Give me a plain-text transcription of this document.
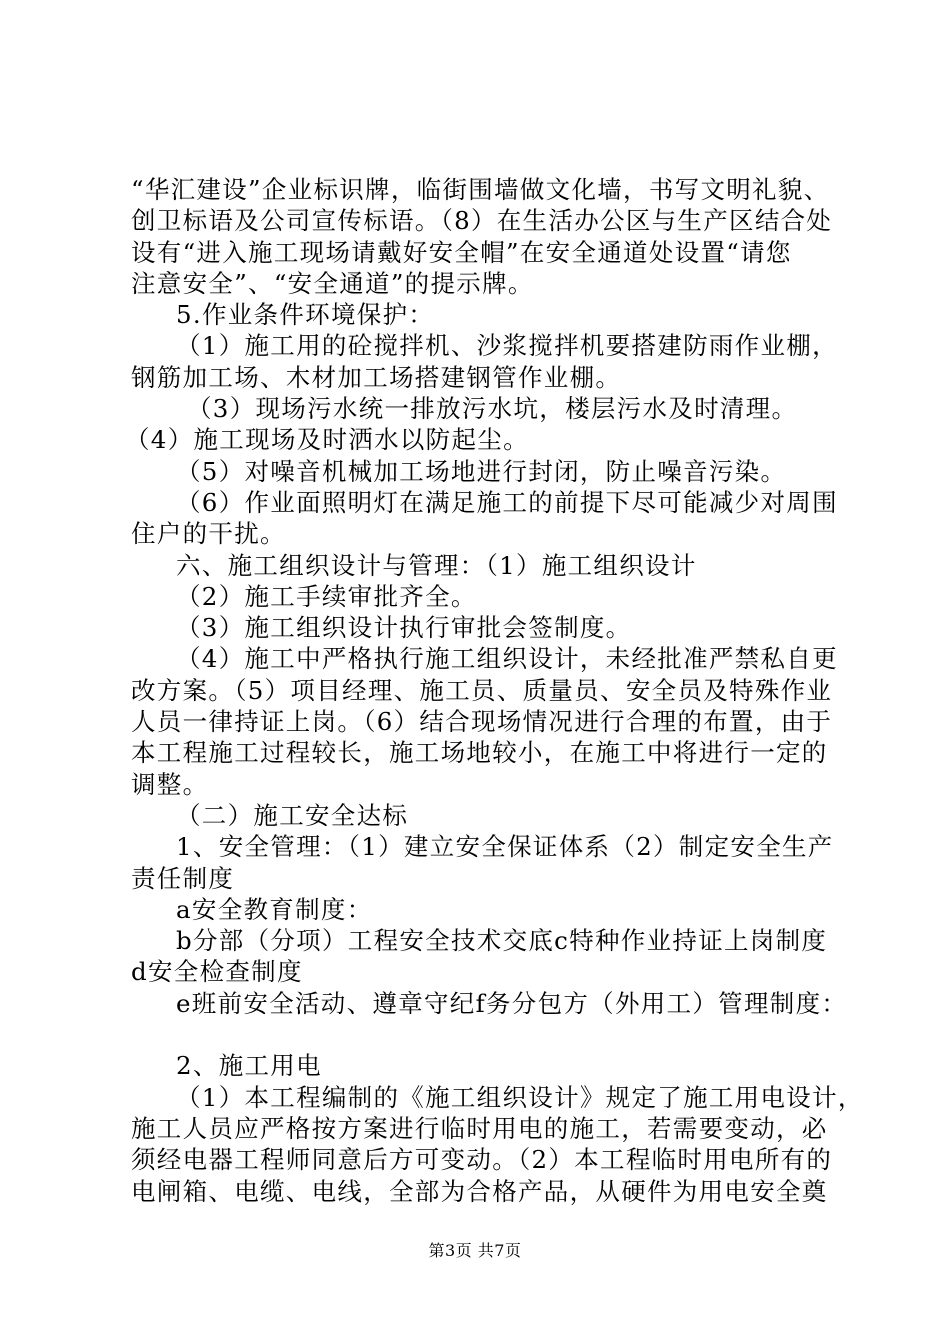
“华汇建设”企业标识牌，临街围墙做文化墙，书写文明礼貌、
创卫标语及公司宣传标语。（8）在生活办公区与生产区结合处
设有“进入施工现场请戴好安全帽”在安全通道处设置“请您
注意安全”、“安全通道”的提示牌。
5.作业条件环境保护：
（1）施工用的砼搅拌机、沙浆搅拌机要搭建防雨作业棚，
钢筋加工场、木材加工场搭建钢管作业棚。
（3）现场污水统一排放污水坑，楼层污水及时清理。
（4）施工现场及时洒水以防起尘。
（5）对噪音机械加工场地进行封闭，防止噪音污染。
（6）作业面照明灯在满足施工的前提下尽可能减少对周围
住户的干扰。
六、施工组织设计与管理：（1）施工组织设计
（2）施工手续审批齐全。
（3）施工组织设计执行审批会签制度。
（4）施工中严格执行施工组织设计，未经批准严禁私自更
改方案。（5）项目经理、施工员、质量员、安全员及特殊作业
人员一律持证上岗。（6）结合现场情况进行合理的布置，由于
本工程施工过程较长，施工场地较小，在施工中将进行一定的
调整。
（二）施工安全达标
1、安全管理：（1）建立安全保证体系（2）制定安全生产
责任制度
a安全教育制度：
b分部（分项）工程安全技术交底c特种作业持证上岗制度
d安全检查制度
e班前安全活动、遵章守纪f务分包方（外用工）管理制度：
2、施工用电
（1）本工程编制的《施工组织设计》规定了施工用电设计，
施工人员应严格按方案进行临时用电的施工，若需要变动，必
须经电器工程师同意后方可变动。（2）本工程临时用电所有的
电闸箱、电缆、电线，全部为合格产品，从硬件为用电安全奠
第3页 共7页
